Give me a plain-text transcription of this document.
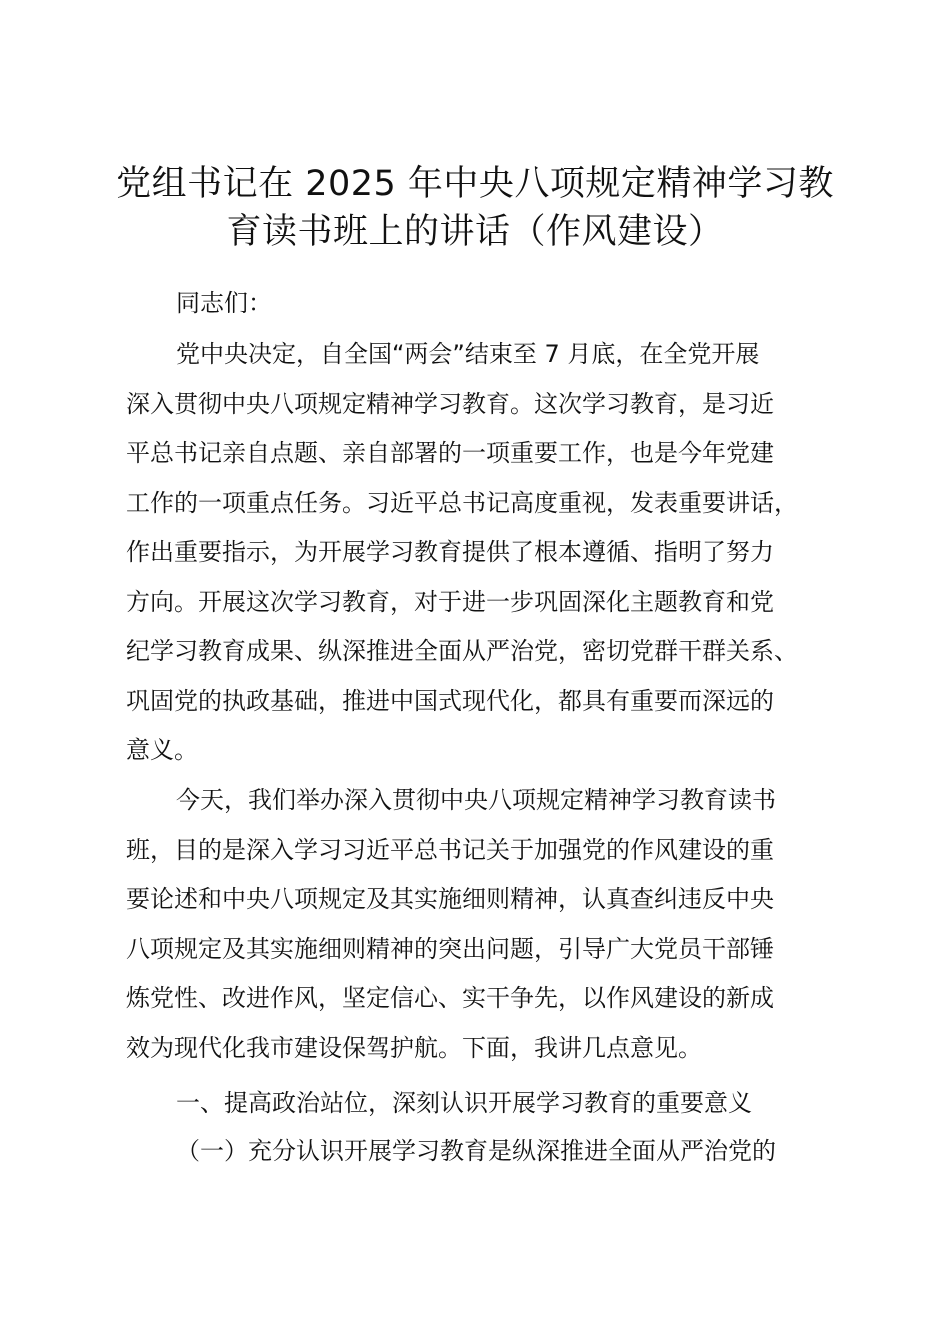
党组书记在 2025 年中央八项规定精神学习教
育读书班上的讲话（作风建设）
同志们：
党中央决定，自全国“两会”结束至 7 月底，在全党开展
深入贯彻中央八项规定精神学习教育。这次学习教育，是习近
平总书记亲自点题、亲自部署的一项重要工作，也是今年党建
工作的一项重点任务。习近平总书记高度重视，发表重要讲话，
作出重要指示，为开展学习教育提供了根本遵循、指明了努力
方向。开展这次学习教育，对于进一步巩固深化主题教育和党
纪学习教育成果、纵深推进全面从严治党，密切党群干群关系、
巩固党的执政基础，推进中国式现代化，都具有重要而深远的
意义。
今天，我们举办深入贯彻中央八项规定精神学习教育读书
班，目的是深入学习习近平总书记关于加强党的作风建设的重
要论述和中央八项规定及其实施细则精神，认真查纠违反中央
八项规定及其实施细则精神的突出问题，引导广大党员干部锤
炼党性、改进作风，坚定信心、实干争先，以作风建设的新成
效为现代化我市建设保驾护航。下面，我讲几点意见。
一、提高政治站位，深刻认识开展学习教育的重要意义
（一）充分认识开展学习教育是纵深推进全面从严治党的
